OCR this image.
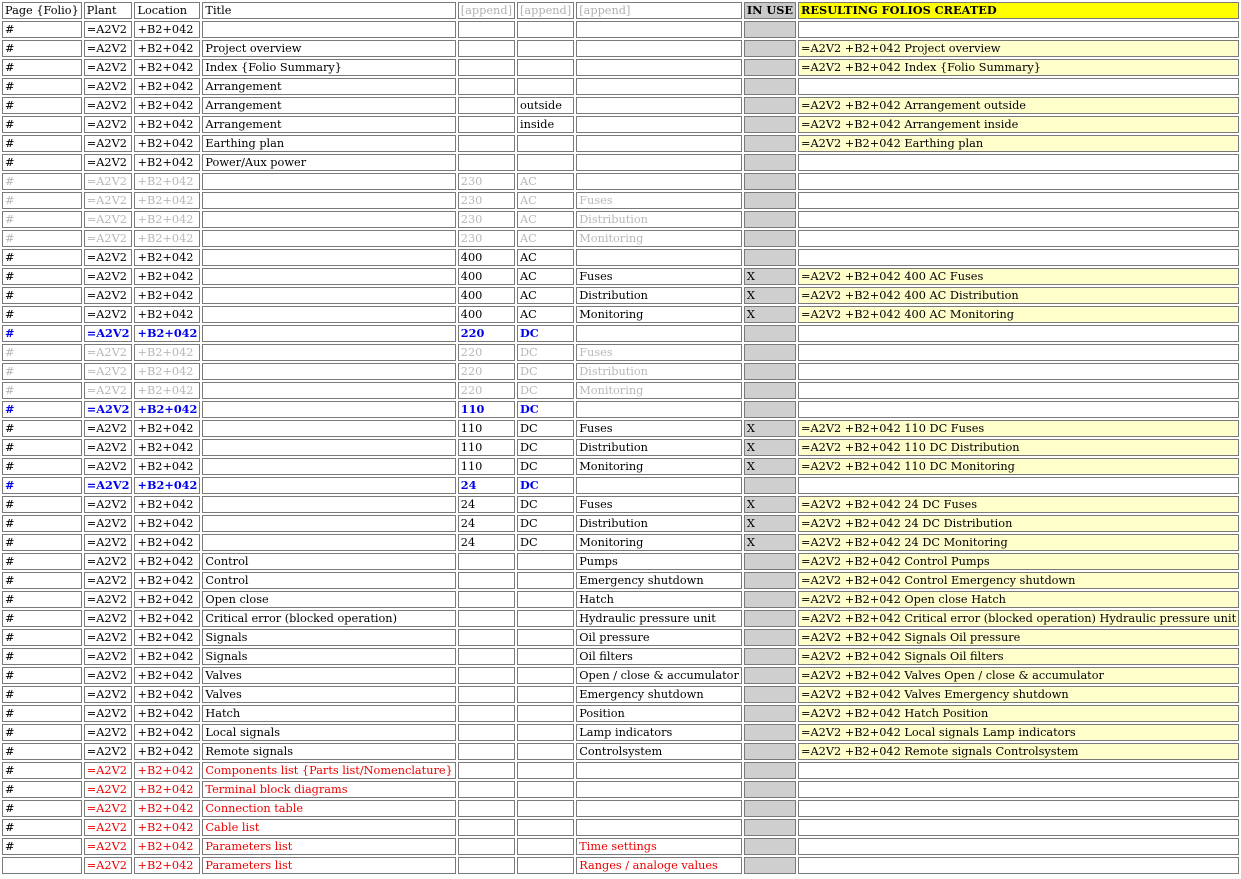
Page {Folio}	Plant	Location	Title	[append]	[append]	[append]	IN USE	RESULTING FOLIOS CREATED
#	=A2V2	+B2+042						
#	=A2V2	+B2+042	Project overview					=A2V2 +B2+042 Project overview
#	=A2V2	+B2+042	Index {Folio Summary}					=A2V2 +B2+042 Index {Folio Summary}
#	=A2V2	+B2+042	Arrangement					
#	=A2V2	+B2+042	Arrangement		outside			=A2V2 +B2+042 Arrangement outside
#	=A2V2	+B2+042	Arrangement		inside			=A2V2 +B2+042 Arrangement inside
#	=A2V2	+B2+042	Earthing plan					=A2V2 +B2+042 Earthing plan
#	=A2V2	+B2+042	Power/Aux power					
#	=A2V2	+B2+042		230	AC			
#	=A2V2	+B2+042		230	AC	Fuses		
#	=A2V2	+B2+042		230	AC	Distribution		
#	=A2V2	+B2+042		230	AC	Monitoring		
#	=A2V2	+B2+042		400	AC			
#	=A2V2	+B2+042		400	AC	Fuses	X	=A2V2 +B2+042 400 AC Fuses
#	=A2V2	+B2+042		400	AC	Distribution	X	=A2V2 +B2+042 400 AC Distribution
#	=A2V2	+B2+042		400	AC	Monitoring	X	=A2V2 +B2+042 400 AC Monitoring
#	=A2V2	+B2+042		220	DC			
#	=A2V2	+B2+042		220	DC	Fuses		
#	=A2V2	+B2+042		220	DC	Distribution		
#	=A2V2	+B2+042		220	DC	Monitoring		
#	=A2V2	+B2+042		110	DC			
#	=A2V2	+B2+042		110	DC	Fuses	X	=A2V2 +B2+042 110 DC Fuses
#	=A2V2	+B2+042		110	DC	Distribution	X	=A2V2 +B2+042 110 DC Distribution
#	=A2V2	+B2+042		110	DC	Monitoring	X	=A2V2 +B2+042 110 DC Monitoring
#	=A2V2	+B2+042		24	DC			
#	=A2V2	+B2+042		24	DC	Fuses	X	=A2V2 +B2+042 24 DC Fuses
#	=A2V2	+B2+042		24	DC	Distribution	X	=A2V2 +B2+042 24 DC Distribution
#	=A2V2	+B2+042		24	DC	Monitoring	X	=A2V2 +B2+042 24 DC Monitoring
#	=A2V2	+B2+042	Control			Pumps		=A2V2 +B2+042 Control Pumps
#	=A2V2	+B2+042	Control			Emergency shutdown		=A2V2 +B2+042 Control Emergency shutdown
#	=A2V2	+B2+042	Open close			Hatch		=A2V2 +B2+042 Open close Hatch
#	=A2V2	+B2+042	Critical error (blocked operation)			Hydraulic pressure unit		=A2V2 +B2+042 Critical error (blocked operation) Hydraulic pressure unit
#	=A2V2	+B2+042	Signals			Oil pressure		=A2V2 +B2+042 Signals Oil pressure
#	=A2V2	+B2+042	Signals			Oil filters		=A2V2 +B2+042 Signals Oil filters
#	=A2V2	+B2+042	Valves			Open / close & accumulator		=A2V2 +B2+042 Valves Open / close & accumulator
#	=A2V2	+B2+042	Valves			Emergency shutdown		=A2V2 +B2+042 Valves Emergency shutdown
#	=A2V2	+B2+042	Hatch			Position		=A2V2 +B2+042 Hatch Position
#	=A2V2	+B2+042	Local signals			Lamp indicators		=A2V2 +B2+042 Local signals Lamp indicators
#	=A2V2	+B2+042	Remote signals			Controlsystem		=A2V2 +B2+042 Remote signals Controlsystem
#	=A2V2	+B2+042	Components list {Parts list/Nomenclature}					
#	=A2V2	+B2+042	Terminal block diagrams					
#	=A2V2	+B2+042	Connection table					
#	=A2V2	+B2+042	Cable list					
#	=A2V2	+B2+042	Parameters list			Time settings		
	=A2V2	+B2+042	Parameters list			Ranges / analoge values		
